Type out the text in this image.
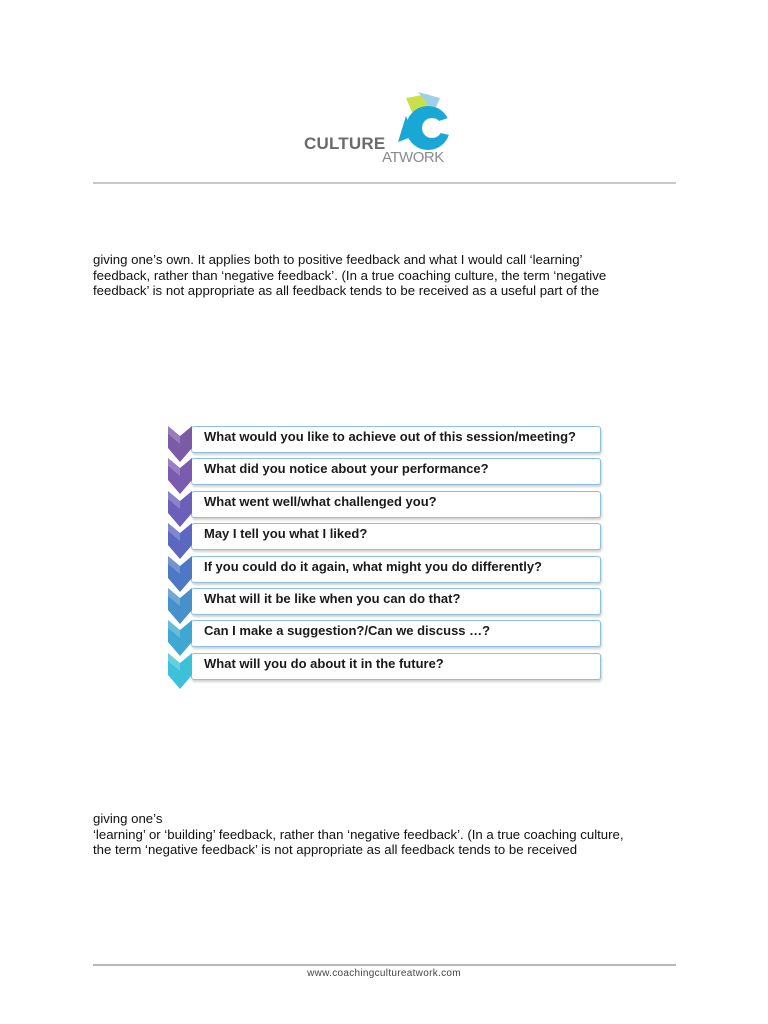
CULTURE
ATWORK

giving one’s own. It applies both to positive feedback and what I would call ‘learning’
feedback, rather than ‘negative feedback’. (In a true coaching culture, the term ‘negative
feedback’ is not appropriate as all feedback tends to be received as a useful part of the

What would you like to achieve out of this session/meeting?
What did you notice about your performance?
What went well/what challenged you?
May I tell you what I liked?
If you could do it again, what might you do differently?
What will it be like when you can do that?
Can I make a suggestion?/Can we discuss …?
What will you do about it in the future?

giving one’s
‘learning’ or ‘building’ feedback, rather than ‘negative feedback’. (In a true coaching culture,
the term ‘negative feedback’ is not appropriate as all feedback tends to be received

www.coachingcultureatwork.com
